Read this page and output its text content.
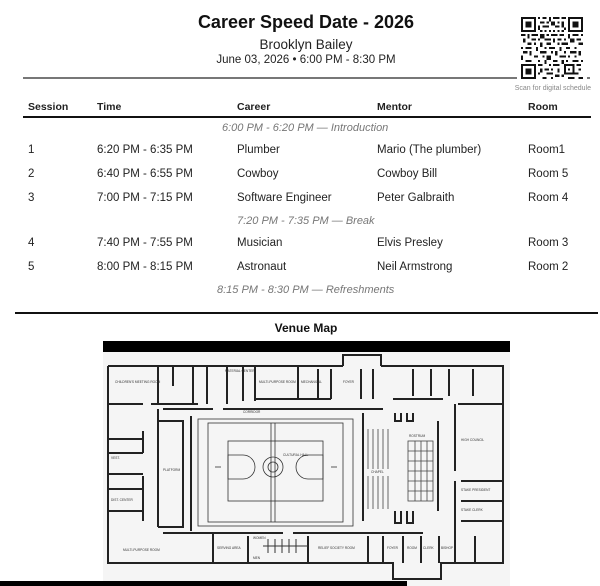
Career Speed Date - 2026
Brooklyn Bailey
June 03, 2026 • 6:00 PM - 8:30 PM
Scan for digital schedule
Session	Time	Career	Mentor	Room
6:00 PM - 6:20 PM — Introduction
1	6:20 PM - 6:35 PM	Plumber	Mario (The plumber)	Room1
2	6:40 PM - 6:55 PM	Cowboy	Cowboy Bill	Room 5
3	7:00 PM - 7:15 PM	Software Engineer	Peter Galbraith	Room 4
7:20 PM - 7:35 PM — Break
4	7:40 PM - 7:55 PM	Musician	Elvis Presley	Room 3
5	8:00 PM - 8:15 PM	Astronaut	Neil Armstrong	Room 2
8:15 PM - 8:30 PM — Refreshments
Venue Map
CHILDREN'S MEETING ROOM	MULTI-PURPOSE ROOM MECHANICAL	FOYER
MATERIAL CENTER
CULTURAL HALL
CHAPEL
ROSTRUM
HIGH COUNCIL
STAKE PRESIDENT
STAKE CLERK
PLATFORM
CORRIDOR
DIST. CENTER
MULTI-PURPOSE ROOM	SERVING AREA
WOMEN
MEN
RELIEF SOCIETY ROOM	FOYER	CLERK BISHOP
ROOM
VEST.
